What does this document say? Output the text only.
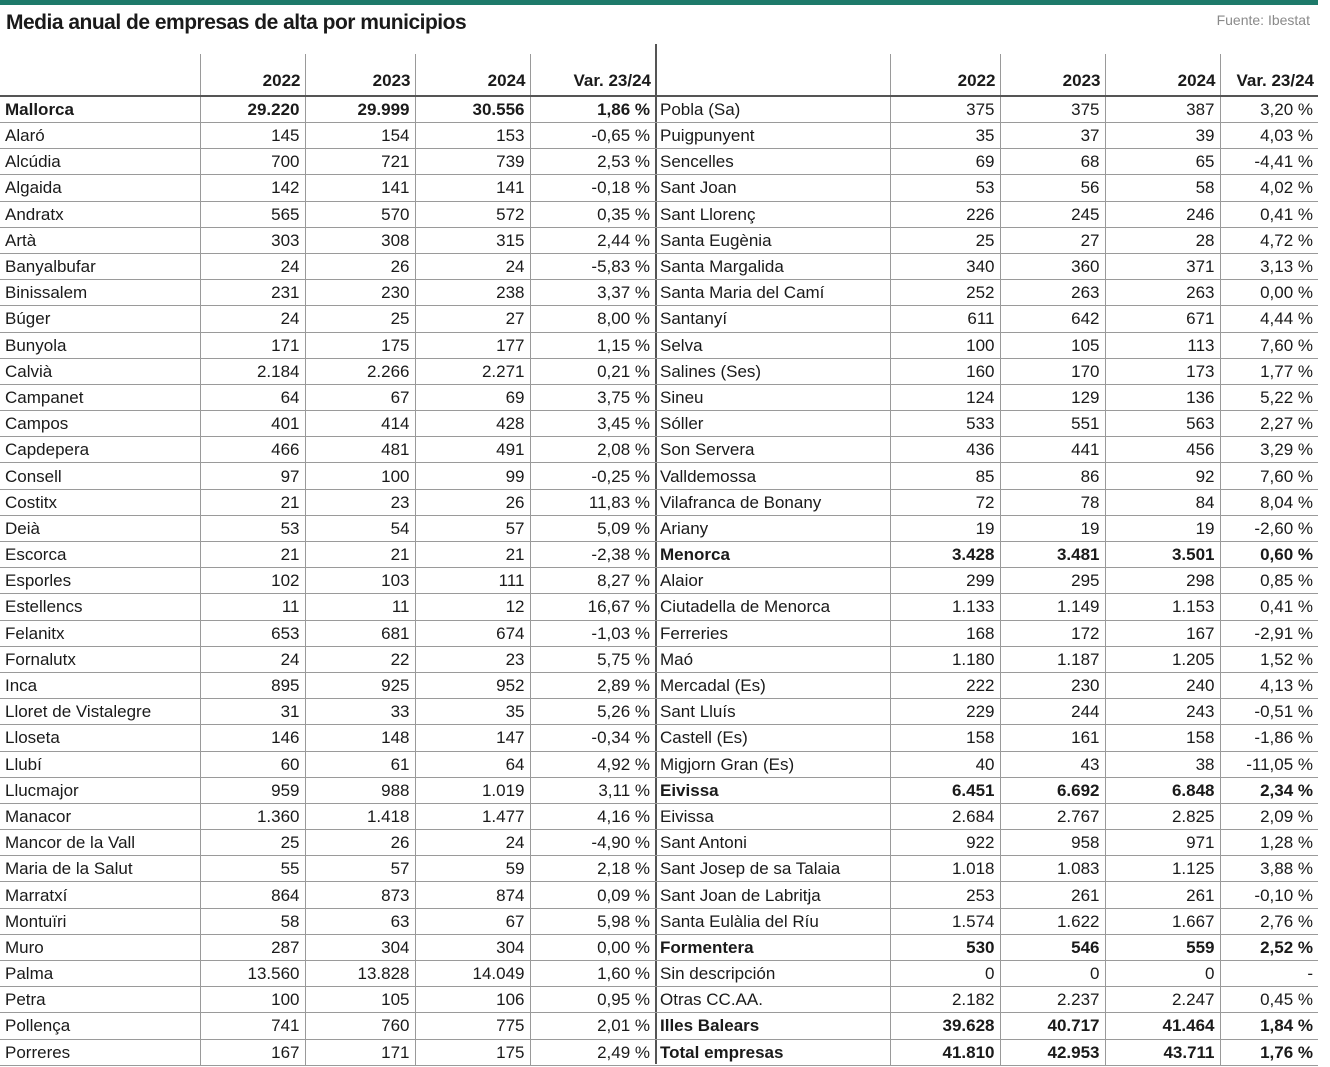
Media anual de empresas de alta por municipios	Fuente: Ibestat
	2022	2023	2024	Var. 23/24
Mallorca	29.220	29.999	30.556	1,86 %
Alaró	145	154	153	-0,65 %
Alcúdia	700	721	739	2,53 %
Algaida	142	141	141	-0,18 %
Andratx	565	570	572	0,35 %
Artà	303	308	315	2,44 %
Banyalbufar	24	26	24	-5,83 %
Binissalem	231	230	238	3,37 %
Búger	24	25	27	8,00 %
Bunyola	171	175	177	1,15 %
Calvià	2.184	2.266	2.271	0,21 %
Campanet	64	67	69	3,75 %
Campos	401	414	428	3,45 %
Capdepera	466	481	491	2,08 %
Consell	97	100	99	-0,25 %
Costitx	21	23	26	11,83 %
Deià	53	54	57	5,09 %
Escorca	21	21	21	-2,38 %
Esporles	102	103	111	8,27 %
Estellencs	11	11	12	16,67 %
Felanitx	653	681	674	-1,03 %
Fornalutx	24	22	23	5,75 %
Inca	895	925	952	2,89 %
Lloret de Vistalegre	31	33	35	5,26 %
Lloseta	146	148	147	-0,34 %
Llubí	60	61	64	4,92 %
Llucmajor	959	988	1.019	3,11 %
Manacor	1.360	1.418	1.477	4,16 %
Mancor de la Vall	25	26	24	-4,90 %
Maria de la Salut	55	57	59	2,18 %
Marratxí	864	873	874	0,09 %
Montuïri	58	63	67	5,98 %
Muro	287	304	304	0,00 %
Palma	13.560	13.828	14.049	1,60 %
Petra	100	105	106	0,95 %
Pollença	741	760	775	2,01 %
Porreres	167	171	175	2,49 %
	2022	2023	2024	Var. 23/24
Pobla (Sa)	375	375	387	3,20 %
Puigpunyent	35	37	39	4,03 %
Sencelles	69	68	65	-4,41 %
Sant Joan	53	56	58	4,02 %
Sant Llorenç	226	245	246	0,41 %
Santa Eugènia	25	27	28	4,72 %
Santa Margalida	340	360	371	3,13 %
Santa Maria del Camí	252	263	263	0,00 %
Santanyí	611	642	671	4,44 %
Selva	100	105	113	7,60 %
Salines (Ses)	160	170	173	1,77 %
Sineu	124	129	136	5,22 %
Sóller	533	551	563	2,27 %
Son Servera	436	441	456	3,29 %
Valldemossa	85	86	92	7,60 %
Vilafranca de Bonany	72	78	84	8,04 %
Ariany	19	19	19	-2,60 %
Menorca	3.428	3.481	3.501	0,60 %
Alaior	299	295	298	0,85 %
Ciutadella de Menorca	1.133	1.149	1.153	0,41 %
Ferreries	168	172	167	-2,91 %
Maó	1.180	1.187	1.205	1,52 %
Mercadal (Es)	222	230	240	4,13 %
Sant Lluís	229	244	243	-0,51 %
Castell (Es)	158	161	158	-1,86 %
Migjorn Gran (Es)	40	43	38	-11,05 %
Eivissa	6.451	6.692	6.848	2,34 %
Eivissa	2.684	2.767	2.825	2,09 %
Sant Antoni	922	958	971	1,28 %
Sant Josep de sa Talaia	1.018	1.083	1.125	3,88 %
Sant Joan de Labritja	253	261	261	-0,10 %
Santa Eulàlia del Ríu	1.574	1.622	1.667	2,76 %
Formentera	530	546	559	2,52 %
Sin descripción	0	0	0	-
Otras CC.AA.	2.182	2.237	2.247	0,45 %
Illes Balears	39.628	40.717	41.464	1,84 %
Total empresas	41.810	42.953	43.711	1,76 %
